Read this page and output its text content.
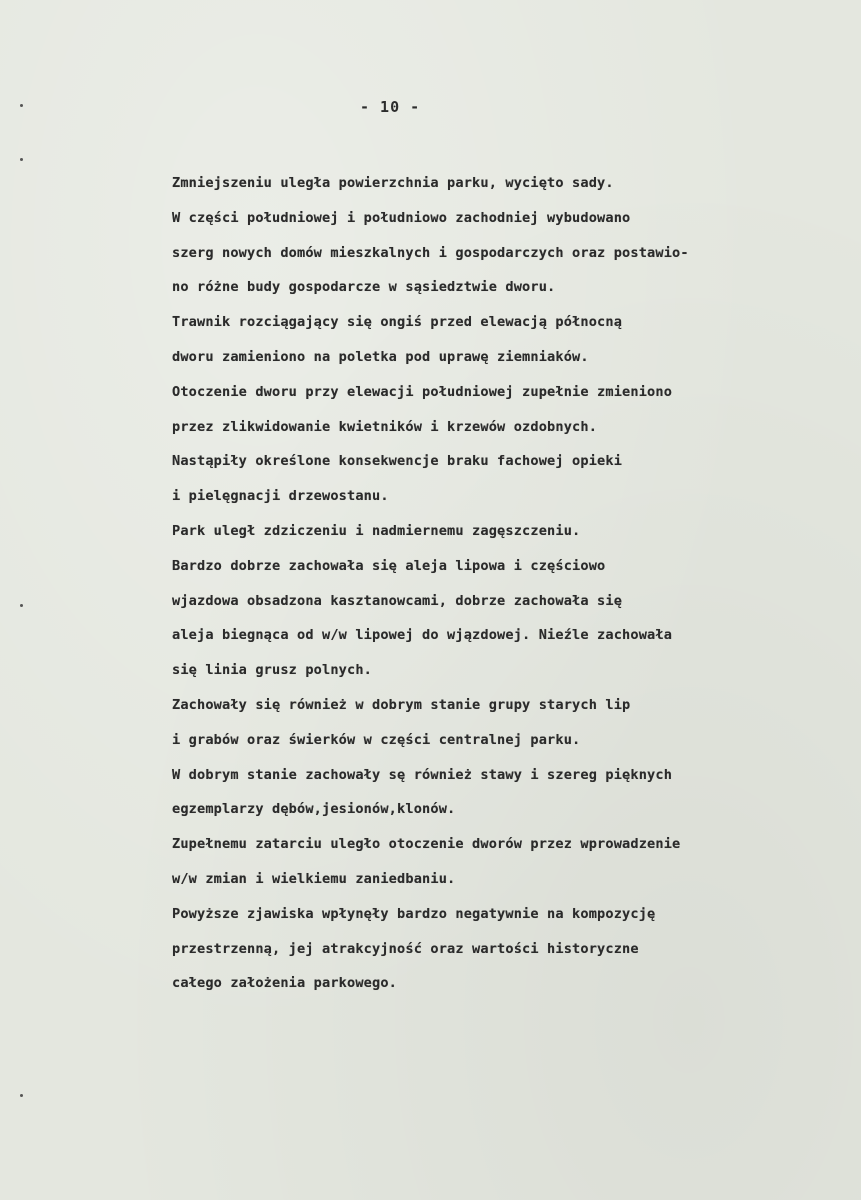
- 10 -
Zmniejszeniu uległa powierzchnia parku, wycięto sady.
W części południowej i południowo zachodniej wybudowano
szerg nowych domów mieszkalnych i gospodarczych oraz postawio-
no różne budy gospodarcze w sąsiedztwie dworu.
Trawnik rozciągający się ongiś przed elewacją północną
dworu zamieniono na poletka pod uprawę ziemniaków.
Otoczenie dworu przy elewacji południowej zupełnie zmieniono
przez zlikwidowanie kwietników i krzewów ozdobnych.
Nastąpiły określone konsekwencje braku fachowej opieki
i pielęgnacji drzewostanu.
Park uległ zdziczeniu i nadmiernemu zagęszczeniu.
Bardzo dobrze zachowała się aleja lipowa i częściowo
wjazdowa obsadzona kasztanowcami, dobrze zachowała się
aleja biegnąca od w/w lipowej do wjązdowej. Nieźle zachowała
się linia grusz polnych.
Zachowały się również w dobrym stanie grupy starych lip
i grabów oraz świerków w części centralnej parku.
W dobrym stanie zachowały sę również stawy i szereg pięknych
egzemplarzy dębów,jesionów,klonów.
Zupełnemu zatarciu uległo otoczenie dworów przez wprowadzenie
w/w zmian i wielkiemu zaniedbaniu.
Powyższe zjawiska wpłynęły bardzo negatywnie na kompozycję
przestrzenną, jej atrakcyjność oraz wartości historyczne
całego założenia parkowego.
